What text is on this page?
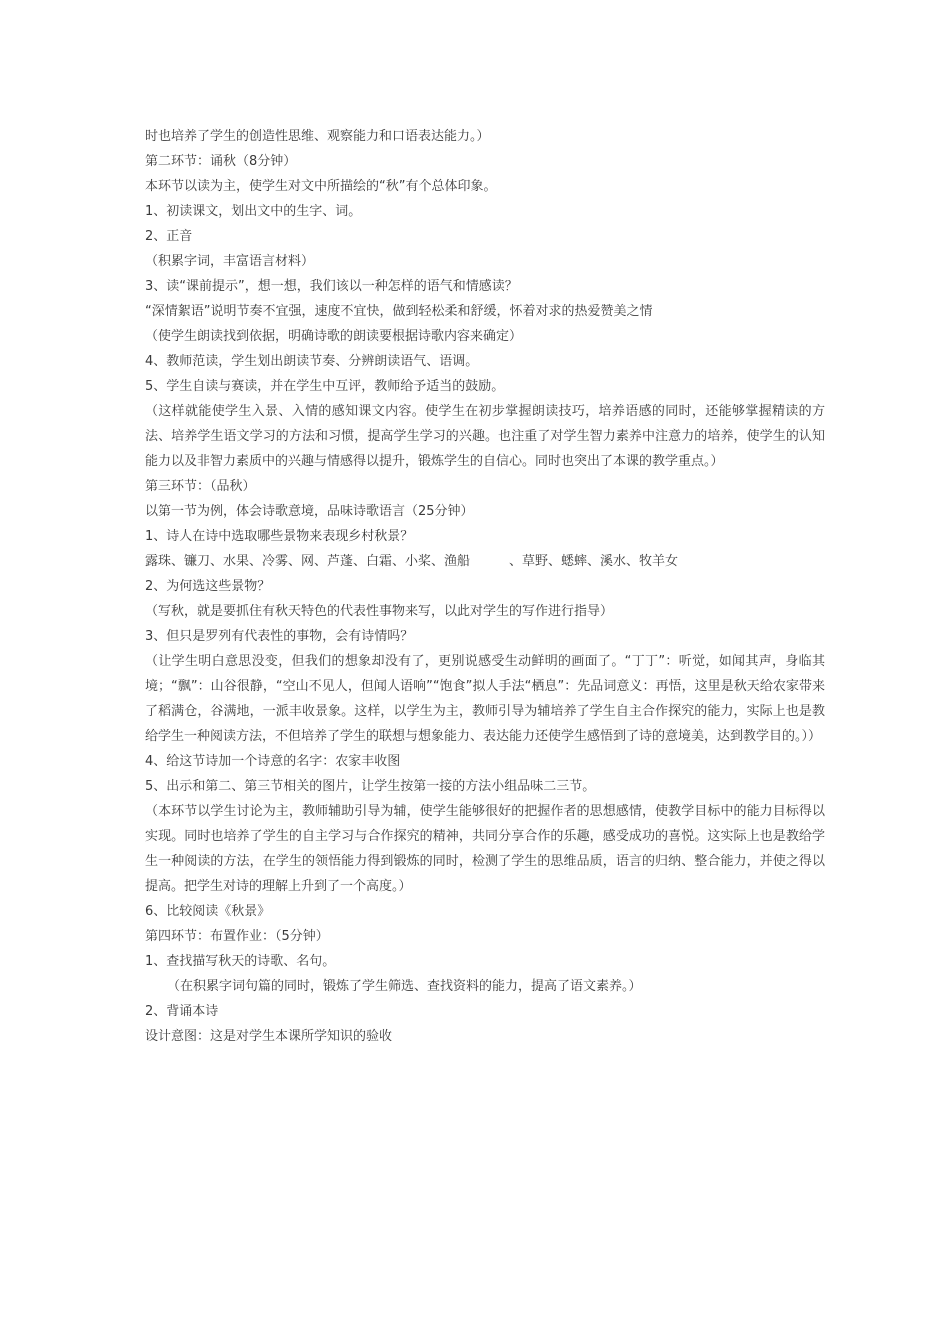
时也培养了学生的创造性思维、观察能力和口语表达能力。）

第二环节：诵秋（8分钟）

本环节以读为主，使学生对文中所描绘的“秋”有个总体印象。

1、初读课文，划出文中的生字、词。

2、正音

（积累字词，丰富语言材料）

3、读“课前提示”，想一想，我们该以一种怎样的语气和情感读？

“深情絮语”说明节奏不宜强，速度不宜快，做到轻松柔和舒缓，怀着对求的热爱赞美之情

（使学生朗读找到依据，明确诗歌的朗读要根据诗歌内容来确定）

4、教师范读，学生划出朗读节奏、分辨朗读语气、语调。

5、学生自读与赛读，并在学生中互评，教师给予适当的鼓励。

（这样就能使学生入景、入情的感知课文内容。使学生在初步掌握朗读技巧，培养语感的同时，还能够掌握精读的方法、培养学生语文学习的方法和习惯，提高学生学习的兴趣。也注重了对学生智力素养中注意力的培养，使学生的认知能力以及非智力素质中的兴趣与情感得以提升，锻炼学生的自信心。同时也突出了本课的教学重点。）

第三环节：（品秋）

以第一节为例，体会诗歌意境，品味诗歌语言（25分钟）

1、诗人在诗中选取哪些景物来表现乡村秋景？

露珠、镰刀、水果、冷雾、网、芦蓬、白霜、小桨、渔船　　　、草野、蟋蟀、溪水、牧羊女

2、为何选这些景物？

（写秋，就是要抓住有秋天特色的代表性事物来写，以此对学生的写作进行指导）

3、但只是罗列有代表性的事物，会有诗情吗？

（让学生明白意思没变，但我们的想象却没有了，更别说感受生动鲜明的画面了。“丁丁”：听觉，如闻其声，身临其境；“飘”：山谷很静，“空山不见人，但闻人语响”“饱食”拟人手法“栖息”：先品词意义：再悟，这里是秋天给农家带来了稻满仓，谷满地，一派丰收景象。这样，以学生为主，教师引导为辅培养了学生自主合作探究的能力，实际上也是教给学生一种阅读方法，不但培养了学生的联想与想象能力、表达能力还使学生感悟到了诗的意境美，达到教学目的。））

4、给这节诗加一个诗意的名字：农家丰收图

5、出示和第二、第三节相关的图片，让学生按第一接的方法小组品味二三节。

（本环节以学生讨论为主，教师辅助引导为辅，使学生能够很好的把握作者的思想感情，使教学目标中的能力目标得以实现。同时也培养了学生的自主学习与合作探究的精神，共同分享合作的乐趣，感受成功的喜悦。这实际上也是教给学生一种阅读的方法，在学生的领悟能力得到锻炼的同时，检测了学生的思维品质，语言的归纳、整合能力，并使之得以提高。把学生对诗的理解上升到了一个高度。）

6、比较阅读《秋景》

第四环节：布置作业：（5分钟）

1、查找描写秋天的诗歌、名句。

（在积累字词句篇的同时，锻炼了学生筛选、查找资料的能力，提高了语文素养。）

2、背诵本诗

设计意图：这是对学生本课所学知识的验收
